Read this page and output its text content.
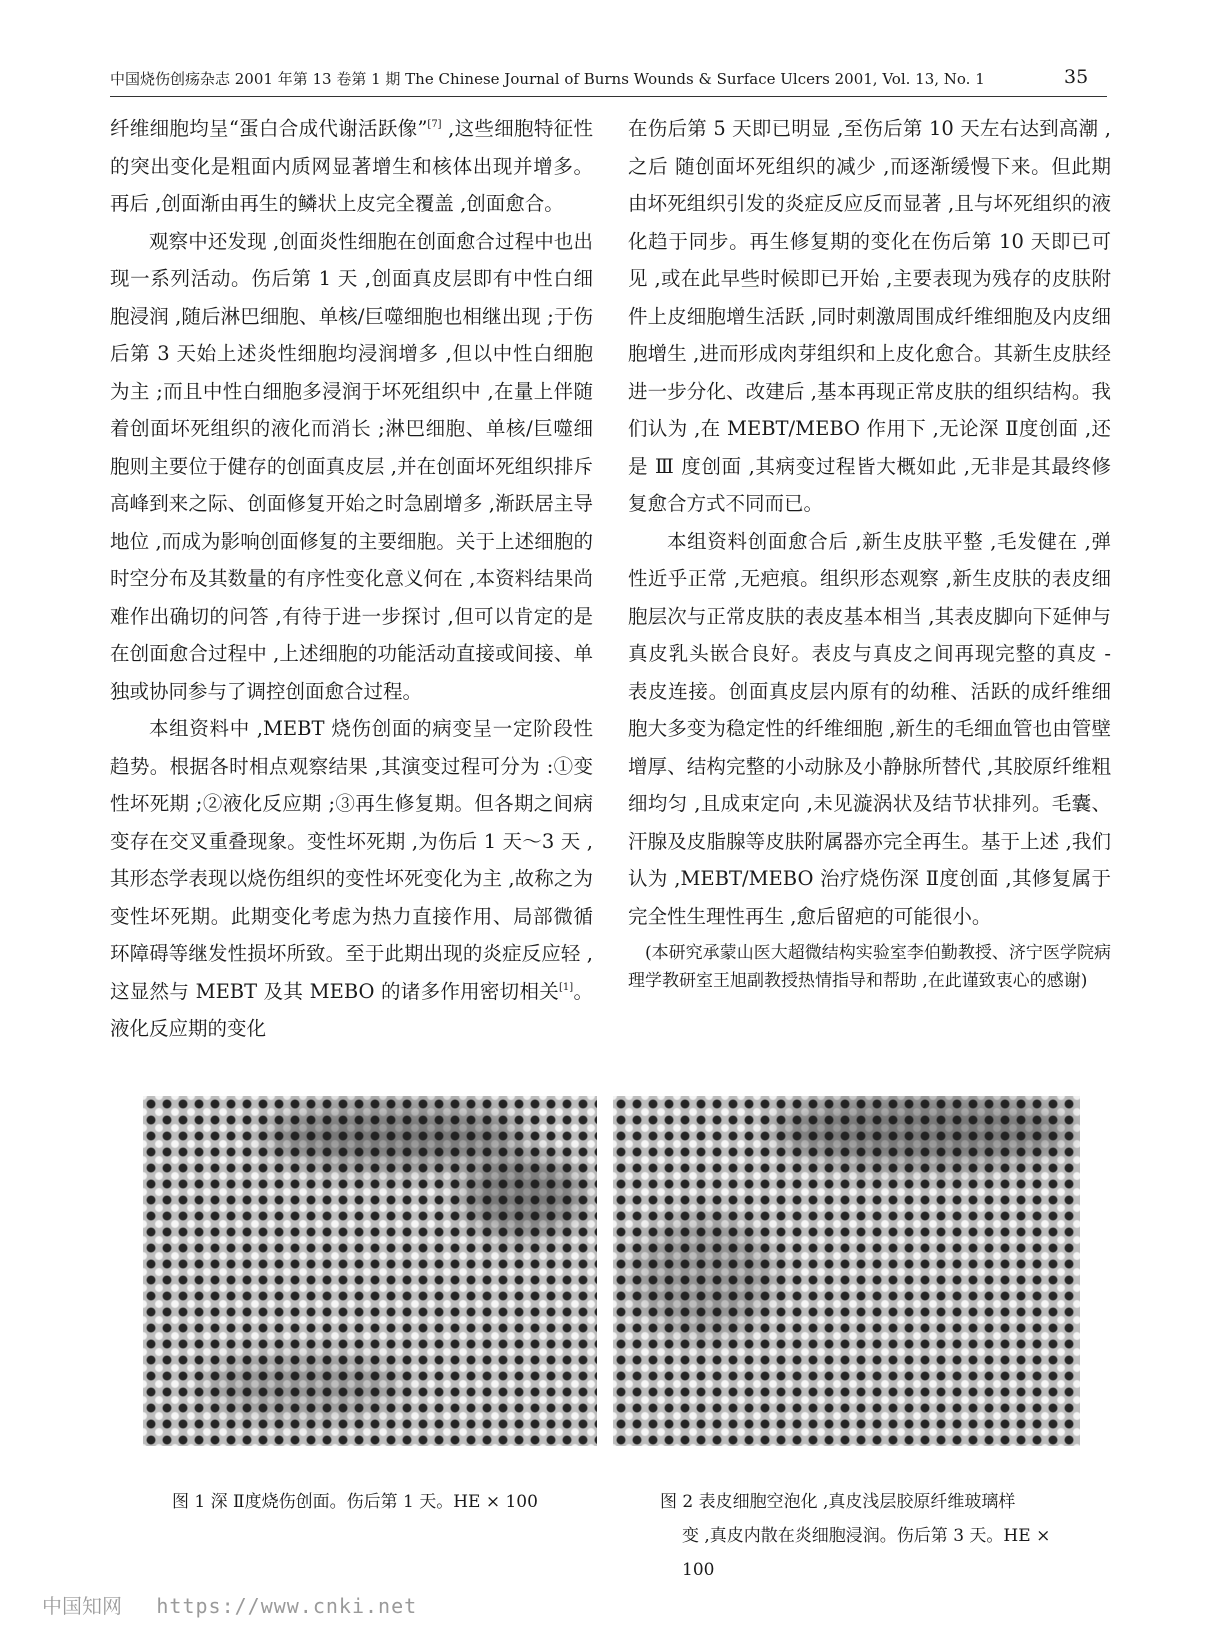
中国烧伤创疡杂志 2001 年第 13 卷第 1 期 The Chinese Journal of Burns Wounds & Surface Ulcers 2001, Vol. 13, No. 1	35

纤维细胞均呈“蛋白合成代谢活跃像”[7] ,这些细胞特征性的突出变化是粗面内质网显著增生和核体出现并增多。再后 ,创面渐由再生的鳞状上皮完全覆盖 ,创面愈合。

观察中还发现 ,创面炎性细胞在创面愈合过程中也出现一系列活动。伤后第 1 天 ,创面真皮层即有中性白细胞浸润 ,随后淋巴细胞、单核/巨噬细胞也相继出现 ;于伤后第 3 天始上述炎性细胞均浸润增多 ,但以中性白细胞为主 ;而且中性白细胞多浸润于坏死组织中 ,在量上伴随着创面坏死组织的液化而消长 ;淋巴细胞、单核/巨噬细胞则主要位于健存的创面真皮层 ,并在创面坏死组织排斥高峰到来之际、创面修复开始之时急剧增多 ,渐跃居主导地位 ,而成为影响创面修复的主要细胞。关于上述细胞的时空分布及其数量的有序性变化意义何在 ,本资料结果尚难作出确切的问答 ,有待于进一步探讨 ,但可以肯定的是在创面愈合过程中 ,上述细胞的功能活动直接或间接、单独或协同参与了调控创面愈合过程。

本组资料中 ,MEBT 烧伤创面的病变呈一定阶段性趋势。根据各时相点观察结果 ,其演变过程可分为 :①变性坏死期 ;②液化反应期 ;③再生修复期。但各期之间病变存在交叉重叠现象。变性坏死期 ,为伤后 1 天～3 天 ,其形态学表现以烧伤组织的变性坏死变化为主 ,故称之为变性坏死期。此期变化考虑为热力直接作用、局部微循环障碍等继发性损坏所致。至于此期出现的炎症反应轻 ,这显然与 MEBT 及其 MEBO 的诸多作用密切相关[1]。液化反应期的变化

在伤后第 5 天即已明显 ,至伤后第 10 天左右达到高潮 ,之后 随创面坏死组织的减少 ,而逐渐缓慢下来。但此期由坏死组织引发的炎症反应反而显著 ,且与坏死组织的液化趋于同步。再生修复期的变化在伤后第 10 天即已可见 ,或在此早些时候即已开始 ,主要表现为残存的皮肤附件上皮细胞增生活跃 ,同时刺激周围成纤维细胞及内皮细胞增生 ,进而形成肉芽组织和上皮化愈合。其新生皮肤经进一步分化、改建后 ,基本再现正常皮肤的组织结构。我们认为 ,在 MEBT/MEBO 作用下 ,无论深 Ⅱ度创面 ,还是 Ⅲ 度创面 ,其病变过程皆大概如此 ,无非是其最终修复愈合方式不同而已。

本组资料创面愈合后 ,新生皮肤平整 ,毛发健在 ,弹性近乎正常 ,无疤痕。组织形态观察 ,新生皮肤的表皮细胞层次与正常皮肤的表皮基本相当 ,其表皮脚向下延伸与真皮乳头嵌合良好。表皮与真皮之间再现完整的真皮 - 表皮连接。创面真皮层内原有的幼稚、活跃的成纤维细胞大多变为稳定性的纤维细胞 ,新生的毛细血管也由管壁增厚、结构完整的小动脉及小静脉所替代 ,其胶原纤维粗细均匀 ,且成束定向 ,未见漩涡状及结节状排列。毛囊、汗腺及皮脂腺等皮肤附属器亦完全再生。基于上述 ,我们认为 ,MEBT/MEBO 治疗烧伤深 Ⅱ度创面 ,其修复属于完全性生理性再生 ,愈后留疤的可能很小。

(本研究承蒙山医大超微结构实验室李伯勤教授、济宁医学院病理学教研室王旭副教授热情指导和帮助 ,在此谨致衷心的感谢)

图 1 深 Ⅱ度烧伤创面。伤后第 1 天。HE × 100	图 2 表皮细胞空泡化 ,真皮浅层胶原纤维玻璃样
变 ,真皮内散在炎细胞浸润。伤后第 3 天。HE × 100
中国知网 https://www.cnki.net
